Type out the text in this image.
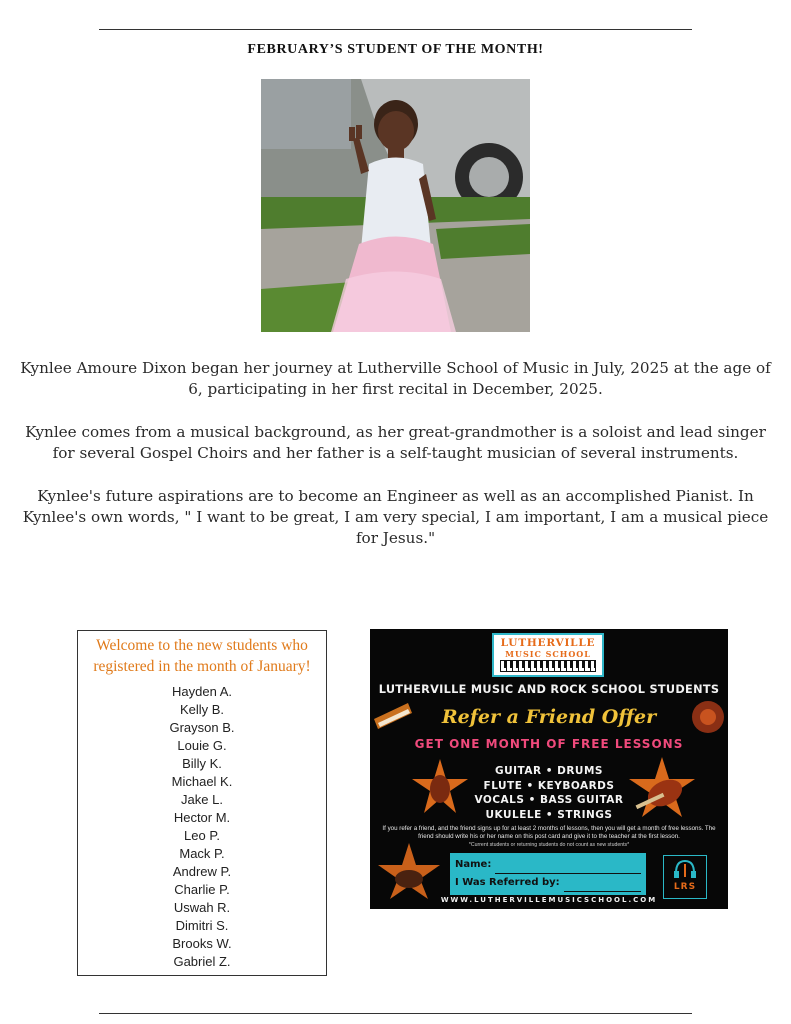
FEBRUARY’S STUDENT OF THE MONTH!
Kynlee Amoure Dixon began her journey at Lutherville School of Music in July, 2025 at the age of 6, participating in her first recital in December, 2025.
Kynlee comes from a musical background, as her great-grandmother is a soloist and lead singer for several Gospel Choirs and her father is a self-taught musician of several instruments.
Kynlee's future aspirations are to become an Engineer as well as an accomplished Pianist. In Kynlee's own words, " I want to be great, I am very special, I am important, I am a musical piece for Jesus."
Welcome to the new students who registered in the month of January!
Hayden A.
Kelly B.
Grayson B.
Louie G.
Billy K.
Michael K.
Jake L.
Hector M.
Leo P.
Mack P.
Andrew P.
Charlie P.
Uswah R.
Dimitri S.
Brooks W.
Gabriel Z.
LUTHERVILLE
MUSIC SCHOOL
LUTHERVILLE MUSIC AND ROCK SCHOOL STUDENTS
Refer a Friend Offer
GET ONE MONTH OF FREE LESSONS
GUITAR • DRUMS
FLUTE • KEYBOARDS
VOCALS • BASS GUITAR
UKULELE • STRINGS
If you refer a friend, and the friend signs up for at least 2 months of lessons, then you will get a month of free lessons. The friend should write his or her name on this post card and give it to the teacher at the first lesson.
*Current students or returning students do not count as new students*
Name:
I Was Referred by:	LRS
WWW.LUTHERVILLEMUSICSCHOOL.COM
